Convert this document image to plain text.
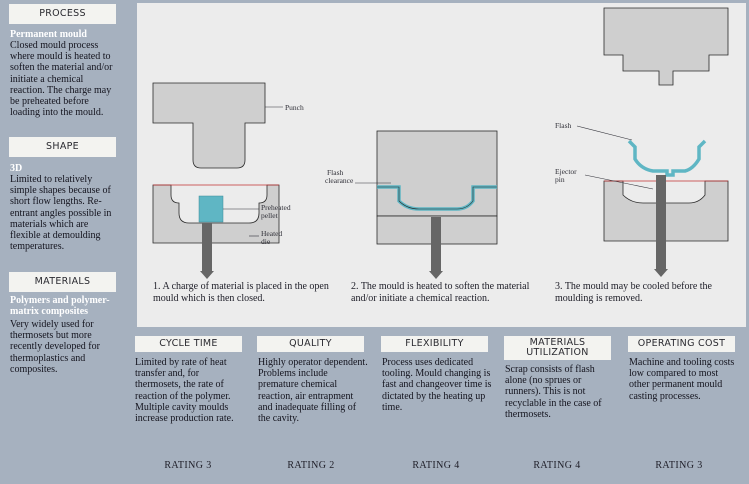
PROCESS
Permanent mould
Closed mould process where mould is heated to soften the material and/or initiate a chemical reaction. The charge may be preheated before loading into the mould.
SHAPE
3D
Limited to relatively simple shapes because of short flow lengths. Re-entrant angles possible in materials which are flexible at demoulding temperatures.
MATERIALS
Polymers and polymer-matrix composites
Very widely used for thermosets but more recently developed for thermoplastics and composites.
Punch
Preheated
pellet
Heated
die
Flash
clearance
Flash
Ejector
pin
1. A charge of material is placed in the open mould which is then closed.
2. The mould is heated to soften the material and/or initiate a chemical reaction.
3. The mould may be cooled before the moulding is removed.
CYCLE TIME
Limited by rate of heat transfer and, for thermosets, the rate of reaction of the polymer. Multiple cavity moulds increase production rate.
RATING 3
QUALITY
Highly operator dependent. Problems include premature chemical reaction, air entrapment and inadequate filling of the cavity.
RATING 2
FLEXIBILITY
Process uses dedicated tooling. Mould changing is fast and changeover time is dictated by the heating up time.
RATING 4
MATERIALS UTILIZATION
Scrap consists of flash alone (no sprues or runners). This is not recyclable in the case of thermosets.
RATING 4
OPERATING COST
Machine and tooling costs low compared to most other permanent mould casting processes.
RATING 3
